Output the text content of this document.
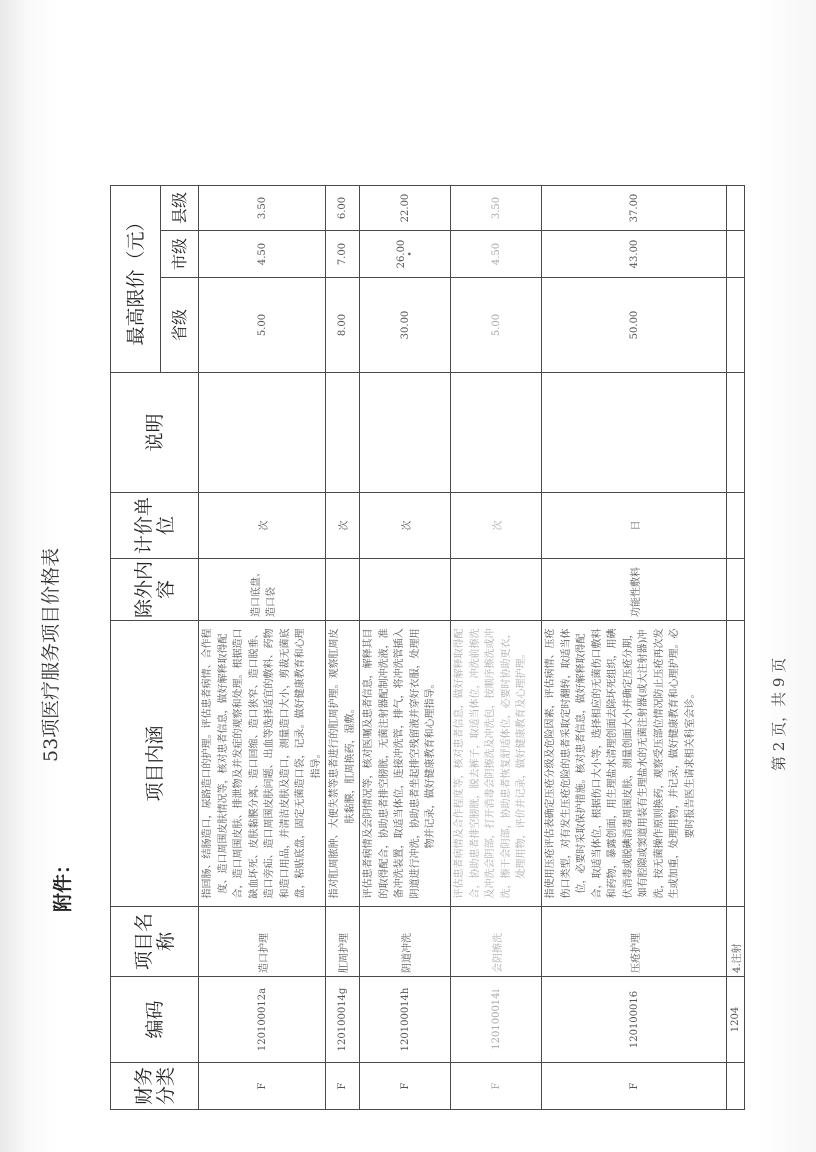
附件：
53项医疗服务项目价格表
财务分类	编码	项目名称	项目内涵	除外内容	计价单位	说明	最高限价（元）		
							省级	市级	县级
F	120100012a	造口护理	指回肠、结肠造口，尿路造口的护理。评估患者病情、合作程度、造口周围皮肤情况等，核对患者信息，做好解释取得配合，造口周围皮肤、排泄物及并发症的观察和处理。根据造口缺血坏死、皮肤黏膜分离、造口回缩、造口狭窄、造口脱垂、造口旁疝、造口周围皮肤问题、出血等选择适宜的敷料、药物和造口用品，并清洁皮肤及造口，测量造口大小，剪裁无菌底盘，粘贴底盘，固定无菌造口袋，记录。做好健康教育和心理指导。	造口底盘、造口袋	次		5.00	4.50	3.50
F	120100014g	肛周护理	指对肛周脓肿、大便失禁等患者进行的肛周护理。观察肛周皮肤黏膜，肛周换药，湿敷。		次		8.00	7.00	6.00
F	120100014h	阴道冲洗	评估患者病情及会阴情况等，核对医嘱及患者信息，解释其目的取得配合，协助患者排空膀胱，无菌注射器配制冲洗液，准备冲洗装置，取适当体位，连接冲洗管，排气，将冲洗管插入阴道进行冲洗，协助患者坐起排空残留液并穿好衣服，处理用物并记录，做好健康教育和心理指导。		次		30.00	26.00 •	22.00
F	120100014i	会阴擦洗	评估患者病情及合作程度等，核对患者信息，做好解释取得配合，协助患者排空膀胱，脱去裤子，取适当体位，冲洗前擦洗及冲洗会阴部，打开消毒会阴擦洗及冲洗包，按顺序擦洗或冲洗，擦干会阴部，协助患者恢复舒适体位，必要时协助更衣，处理用物，评价并记录，做好健康教育及心理护理。		次		5.00	4.50	3.50
F	120100016	压疮护理	指使用压疮评估表确定压疮分级及危险因素，评估病情、压疮伤口类型，对有发生压疮危险的患者采取定时翻转，取适当体位，必要时采取保护措施。核对患者信息，做好解释取得配合，取适当体位，根据伤口大小等，选择相应的无菌伤口敷料和药物，暴露创面，用生理盐水清理创面去除坏死组织，用碘伏消毒或脱碘消毒周围皮肤，测量创面大小并确定压疮分期，如有腔隙或窦道用装有生理盐水的无菌注射器(或大注射器)冲洗，按无菌操作原则换药，观察受压部位情况防止压疮再次发生或加重，处理用物，并记录，做好健康教育和心理护理。必要时报告医生请求相关科室会诊。	功能性敷料	日		50.00	43.00	37.00
	1204	4.注射							
第 2 页，共 9 页
